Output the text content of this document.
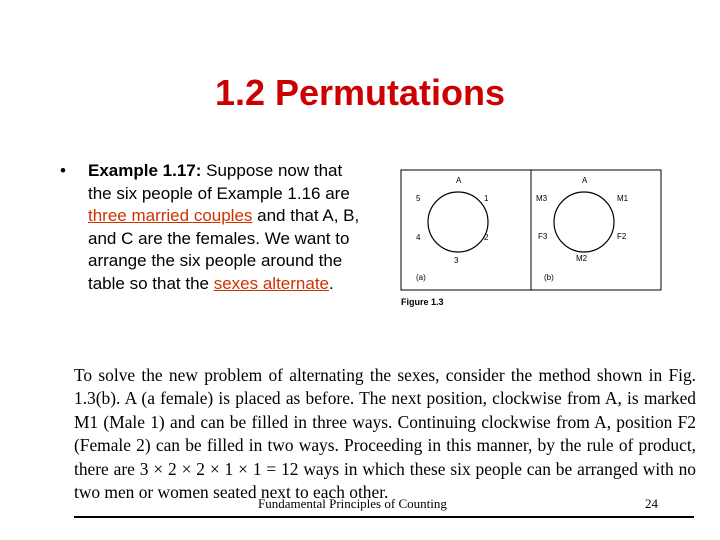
1.2 Permutations
• Example 1.17: Suppose now that the six people of Example 1.16 are three married couples and that A, B, and C are the females. We want to arrange the six people around the table so that the sexes alternate.
A
1
5
4	2
3
(a)
A
M1
M3
F3	F2
M2
(b)
Figure 1.3
To solve the new problem of alternating the sexes, consider the method shown in Fig. 1.3(b). A (a female) is placed as before. The next position, clockwise from A, is marked M1 (Male 1) and can be filled in three ways. Continuing clockwise from A, position F2 (Female 2) can be filled in two ways. Proceeding in this manner, by the rule of product, there are 3 × 2 × 2 × 1 × 1 = 12 ways in which these six people can be arranged with no two men or women seated next to each other.
Fundamental Principles of Counting	24
